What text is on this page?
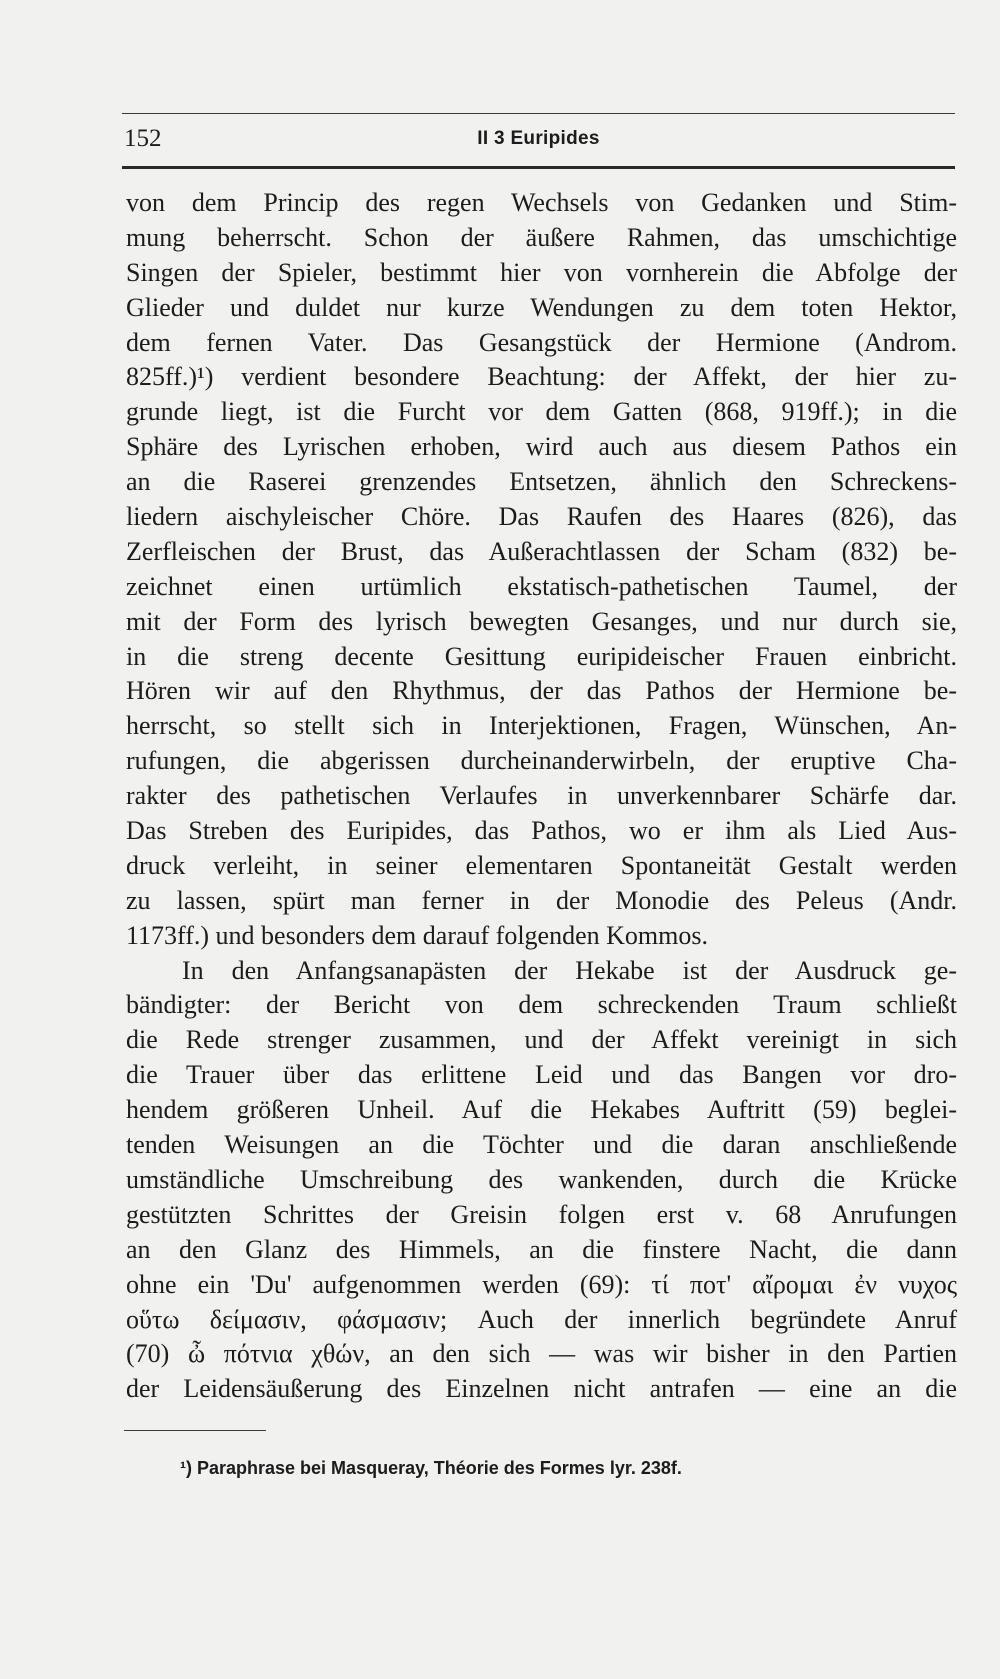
152	II 3 Euripides
von dem Princip des regen Wechsels von Gedanken und Stim-
mung beherrscht. Schon der äußere Rahmen, das umschichtige
Singen der Spieler, bestimmt hier von vornherein die Abfolge der
Glieder und duldet nur kurze Wendungen zu dem toten Hektor,
dem fernen Vater. Das Gesangstück der Hermione (Androm.
825ff.)¹) verdient besondere Beachtung: der Affekt, der hier zu-
grunde liegt, ist die Furcht vor dem Gatten (868, 919ff.); in die
Sphäre des Lyrischen erhoben, wird auch aus diesem Pathos ein
an die Raserei grenzendes Entsetzen, ähnlich den Schreckens-
liedern aischyleischer Chöre. Das Raufen des Haares (826), das
Zerfleischen der Brust, das Außerachtlassen der Scham (832) be-
zeichnet einen urtümlich ekstatisch-pathetischen Taumel, der
mit der Form des lyrisch bewegten Gesanges, und nur durch sie,
in die streng decente Gesittung euripideischer Frauen einbricht.
Hören wir auf den Rhythmus, der das Pathos der Hermione be-
herrscht, so stellt sich in Interjektionen, Fragen, Wünschen, An-
rufungen, die abgerissen durcheinanderwirbeln, der eruptive Cha-
rakter des pathetischen Verlaufes in unverkennbarer Schärfe dar.
Das Streben des Euripides, das Pathos, wo er ihm als Lied Aus-
druck verleiht, in seiner elementaren Spontaneität Gestalt werden
zu lassen, spürt man ferner in der Monodie des Peleus (Andr.
1173ff.) und besonders dem darauf folgenden Kommos.
In den Anfangsanapästen der Hekabe ist der Ausdruck ge-
bändigter: der Bericht von dem schreckenden Traum schließt
die Rede strenger zusammen, und der Affekt vereinigt in sich
die Trauer über das erlittene Leid und das Bangen vor dro-
hendem größeren Unheil. Auf die Hekabes Auftritt (59) beglei-
tenden Weisungen an die Töchter und die daran anschließende
umständliche Umschreibung des wankenden, durch die Krücke
gestützten Schrittes der Greisin folgen erst v. 68 Anrufungen
an den Glanz des Himmels, an die finstere Nacht, die dann
ohne ein 'Du' aufgenommen werden (69): τί ποτ' αἴρομαι ἐν νυχος
οὕτω δείμασιν, φάσμασιν; Auch der innerlich begründete Anruf
(70) ὦ πότνια χθών, an den sich — was wir bisher in den Partien
der Leidensäußerung des Einzelnen nicht antrafen — eine an die
¹) Paraphrase bei Masqueray, Théorie des Formes lyr. 238f.
